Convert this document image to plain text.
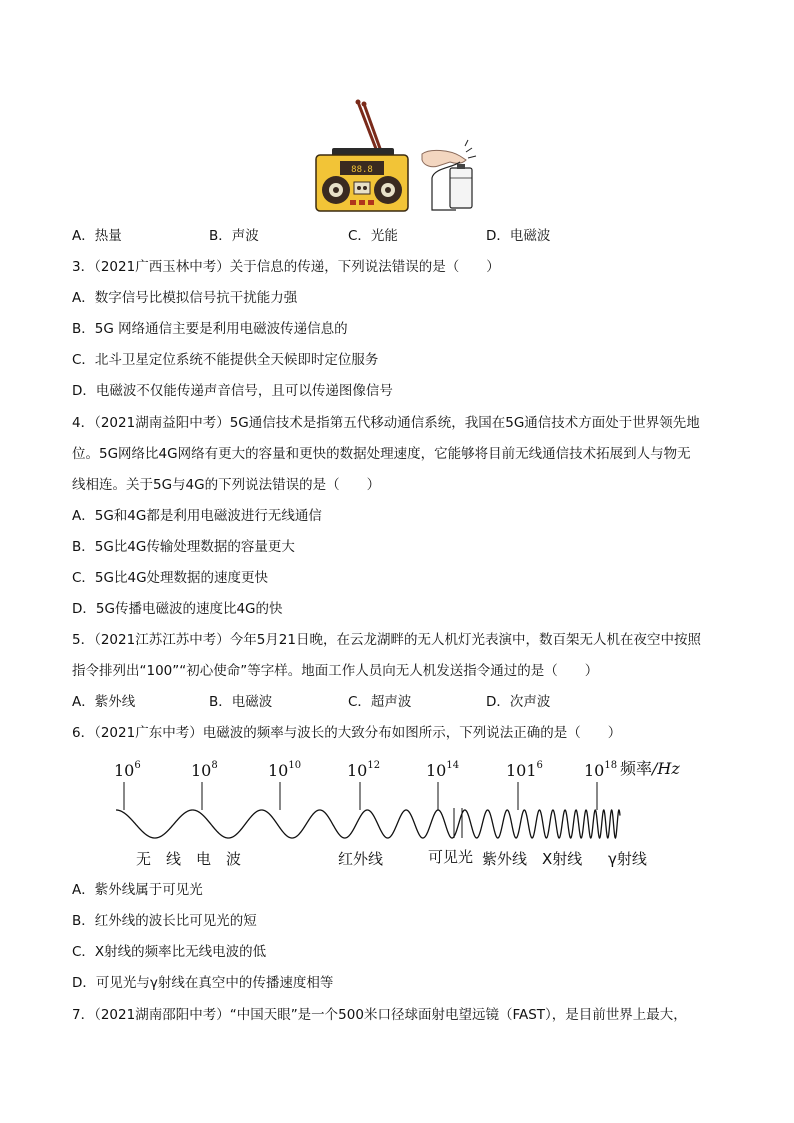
88.8
A．热量	B．声波	C．光能	D．电磁波
3．（2021广西玉林中考）关于信息的传递，下列说法错误的是（　　）
A．数字信号比模拟信号抗干扰能力强
B．5G 网络通信主要是利用电磁波传递信息的
C．北斗卫星定位系统不能提供全天候即时定位服务
D．电磁波不仅能传递声音信号，且可以传递图像信号
4．（2021湖南益阳中考）5G通信技术是指第五代移动通信系统，我国在5G通信技术方面处于世界领先地
位。5G网络比4G网络有更大的容量和更快的数据处理速度，它能够将目前无线通信技术拓展到人与物无
线相连。关于5G与4G的下列说法错误的是（　　）
A．5G和4G都是利用电磁波进行无线通信
B．5G比4G传输处理数据的容量更大
C．5G比4G处理数据的速度更快
D．5G传播电磁波的速度比4G的快
5．（2021江苏江苏中考）今年5月21日晚，在云龙湖畔的无人机灯光表演中，数百架无人机在夜空中按照
指令排列出“100”“初心使命”等字样。地面工作人员向无人机发送指令通过的是（　　）
A．紫外线	B．电磁波	C．超声波	D．次声波
6．（2021广东中考）电磁波的频率与波长的大致分布如图所示，下列说法正确的是（　　）
$10^6$	$10^8$	$10^{10}$	$10^{12}$	$10^{14}$	$101^6$	$10^{18}$ 频率/Hz
无　线　电　波	红外线	可见光 紫外线 X射线 γ射线
A．紫外线属于可见光
B．红外线的波长比可见光的短
C．X射线的频率比无线电波的低
D．可见光与γ射线在真空中的传播速度相等
7．（2021湖南邵阳中考）“中国天眼”是一个500米口径球面射电望远镜（FAST），是目前世界上最大，
